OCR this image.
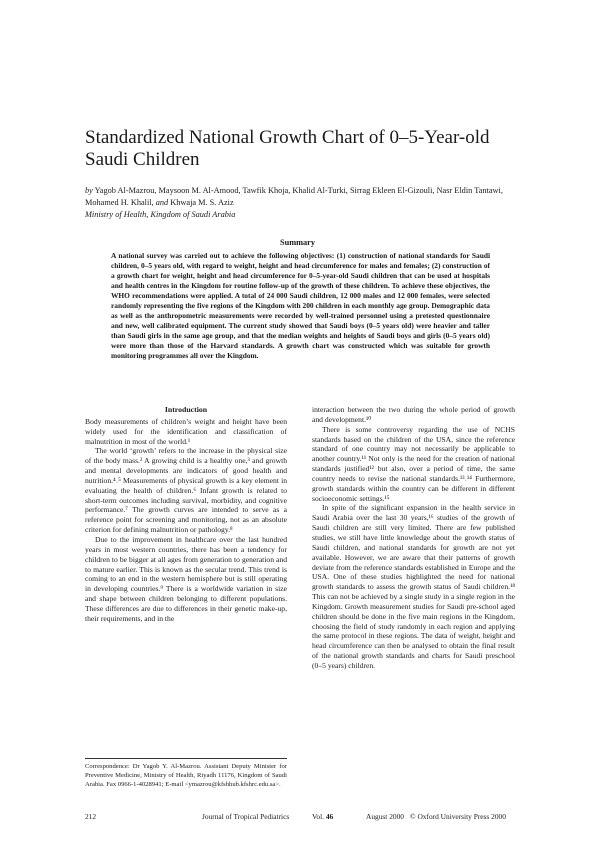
Standardized National Growth Chart of 0–5-Year-old Saudi Children
by Yagob Al-Mazrou, Maysoon M. Al-Amood, Tawfik Khoja, Khalid Al-Turki, Sirrag Ekleen El-Gizouli, Nasr Eldin Tantawi, Mohamed H. Khalil, and Khwaja M. S. Aziz
Ministry of Health, Kingdom of Saudi Arabia
Summary

A national survey was carried out to achieve the following objectives: (1) construction of national standards for Saudi children, 0–5 years old, with regard to weight, height and head circumference for males and females; (2) construction of a growth chart for weight, height and head circumference for 0–5-year-old Saudi children that can be used at hospitals and health centres in the Kingdom for routine follow-up of the growth of these children. To achieve these objectives, the WHO recommendations were applied. A total of 24 000 Saudi children, 12 000 males and 12 000 females, were selected randomly representing the five regions of the Kingdom with 200 children in each monthly age group. Demographic data as well as the anthropometric measurements were recorded by well-trained personnel using a pretested questionnaire and new, well calibrated equipment. The current study showed that Saudi boys (0–5 years old) were heavier and taller than Saudi girls in the same age group, and that the median weights and heights of Saudi boys and girls (0–5 years old) were more than those of the Harvard standards. A growth chart was constructed which was suitable for growth monitoring programmes all over the Kingdom.

Introduction

Body measurements of children’s weight and height have been widely used for the identification and classification of malnutrition in most of the world.¹

The world ‘growth’ refers to the increase in the physical size of the body mass.² A growing child is a healthy one,³ and growth and mental developments are indicators of good health and nutrition.⁴˒⁵ Measurements of physical growth is a key element in evaluating the health of children.⁶ Infant growth is related to short-term outcomes including survival, morbidity, and cognitive performance.⁷ The growth curves are intended to serve as a reference point for screening and monitoring, not as an absolute criterion for defining malnutrition or pathology.⁸

Due to the improvement in healthcare over the last hundred years in most western countries, there has been a tendency for children to be bigger at all ages from generation to generation and to mature earlier. This is known as the secular trend. This trend is coming to an end in the western hemisphere but is still operating in developing countries.⁹ There is a worldwide variation in size and shape between children belonging to different populations. These differences are due to differences in their genetic make-up, their requirements, and in the

interaction between the two during the whole period of growth and development.¹⁰

There is some controversy regarding the use of NCHS standards based on the children of the USA, since the reference standard of one country may not necessarily be applicable to another country.¹¹ Not only is the need for the creation of national standards justified¹² but also, over a period of time, the same country needs to revise the national standards.¹³˒¹⁴ Furthermore, growth standards within the country can be different in different socioeconomic settings.¹⁵

In spite of the significant expansion in the health service in Saudi Arabia over the last 30 years,¹⁶ studies of the growth of Saudi children are still very limited. There are few published studies, we still have little knowledge about the growth status of Saudi children, and national standards for growth are not yet available. However, we are aware that their patterns of growth deviate from the reference standards established in Europe and the USA. One of these studies highlighted the need for national growth standards to assess the growth status of Saudi children.¹⁸ This can not be achieved by a single study in a single region in the Kingdom. Growth measurement studies for Saudi pre-school aged children should be done in the five main regions in the Kingdom, choosing the field of study randomly in each region and applying the same protocol in these regions. The data of weight, height and head circumference can then be analysed to obtain the final result of the national growth standards and charts for Saudi preschool (0–5 years) children.

Correspondence: Dr Yagob Y. Al-Mazrou. Assistant Deputy Minister for Preventive Medicine, Ministry of Health, Riyadh 11176, Kingdom of Saudi Arabia. Fax 0966-1-4028941; E-mail <ymazrou@kfshhub.kfshrc.edu.sa>.

212	Journal of Tropical Pediatrics	Vol. 46	August 2000 © Oxford University Press 2000
